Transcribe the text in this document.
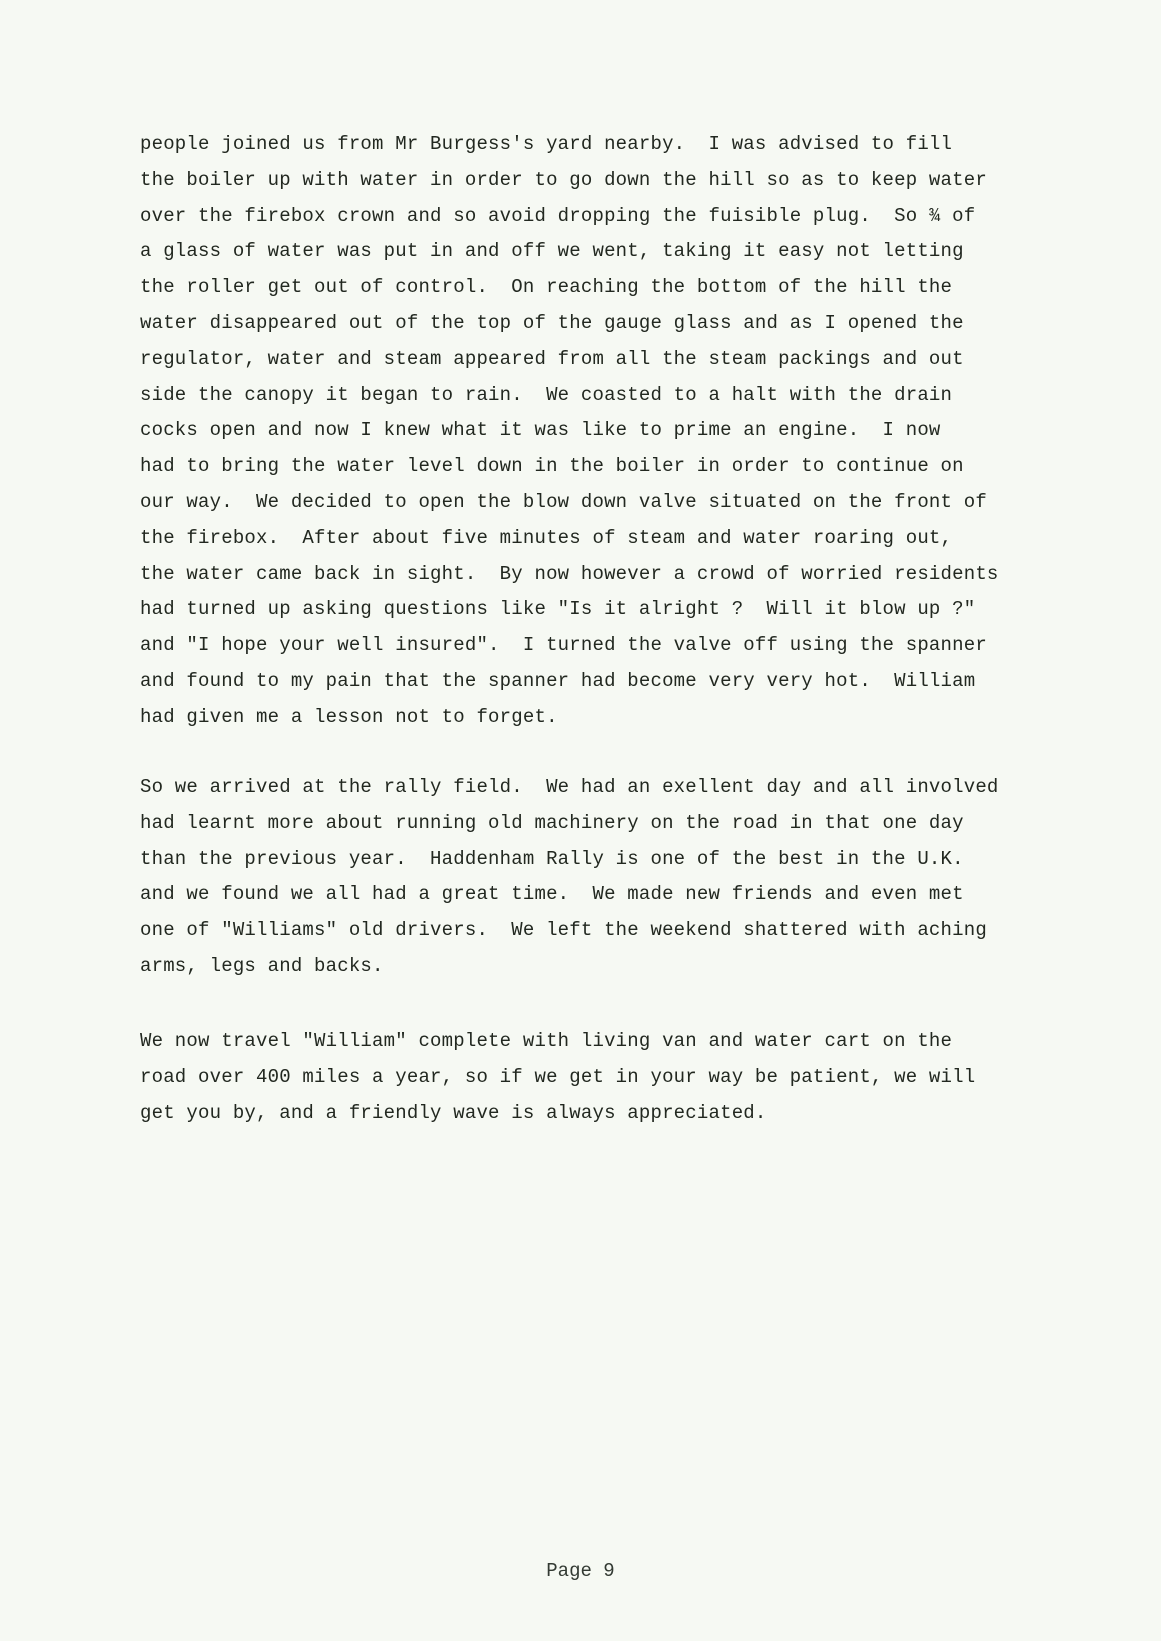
people joined us from Mr Burgess's yard nearby.  I was advised to fill
the boiler up with water in order to go down the hill so as to keep water
over the firebox crown and so avoid dropping the fuisible plug.  So ¾ of
a glass of water was put in and off we went, taking it easy not letting
the roller get out of control.  On reaching the bottom of the hill the
water disappeared out of the top of the gauge glass and as I opened the
regulator, water and steam appeared from all the steam packings and out
side the canopy it began to rain.  We coasted to a halt with the drain
cocks open and now I knew what it was like to prime an engine.  I now
had to bring the water level down in the boiler in order to continue on
our way.  We decided to open the blow down valve situated on the front of
the firebox.  After about five minutes of steam and water roaring out,
the water came back in sight.  By now however a crowd of worried residents
had turned up asking questions like "Is it alright ?  Will it blow up ?"
and "I hope your well insured".  I turned the valve off using the spanner
and found to my pain that the spanner had become very very hot.  William
had given me a lesson not to forget.
So we arrived at the rally field.  We had an exellent day and all involved
had learnt more about running old machinery on the road in that one day
than the previous year.  Haddenham Rally is one of the best in the U.K.
and we found we all had a great time.  We made new friends and even met
one of "Williams" old drivers.  We left the weekend shattered with aching
arms, legs and backs.
We now travel "William" complete with living van and water cart on the
road over 400 miles a year, so if we get in your way be patient, we will
get you by, and a friendly wave is always appreciated.
Page 9
